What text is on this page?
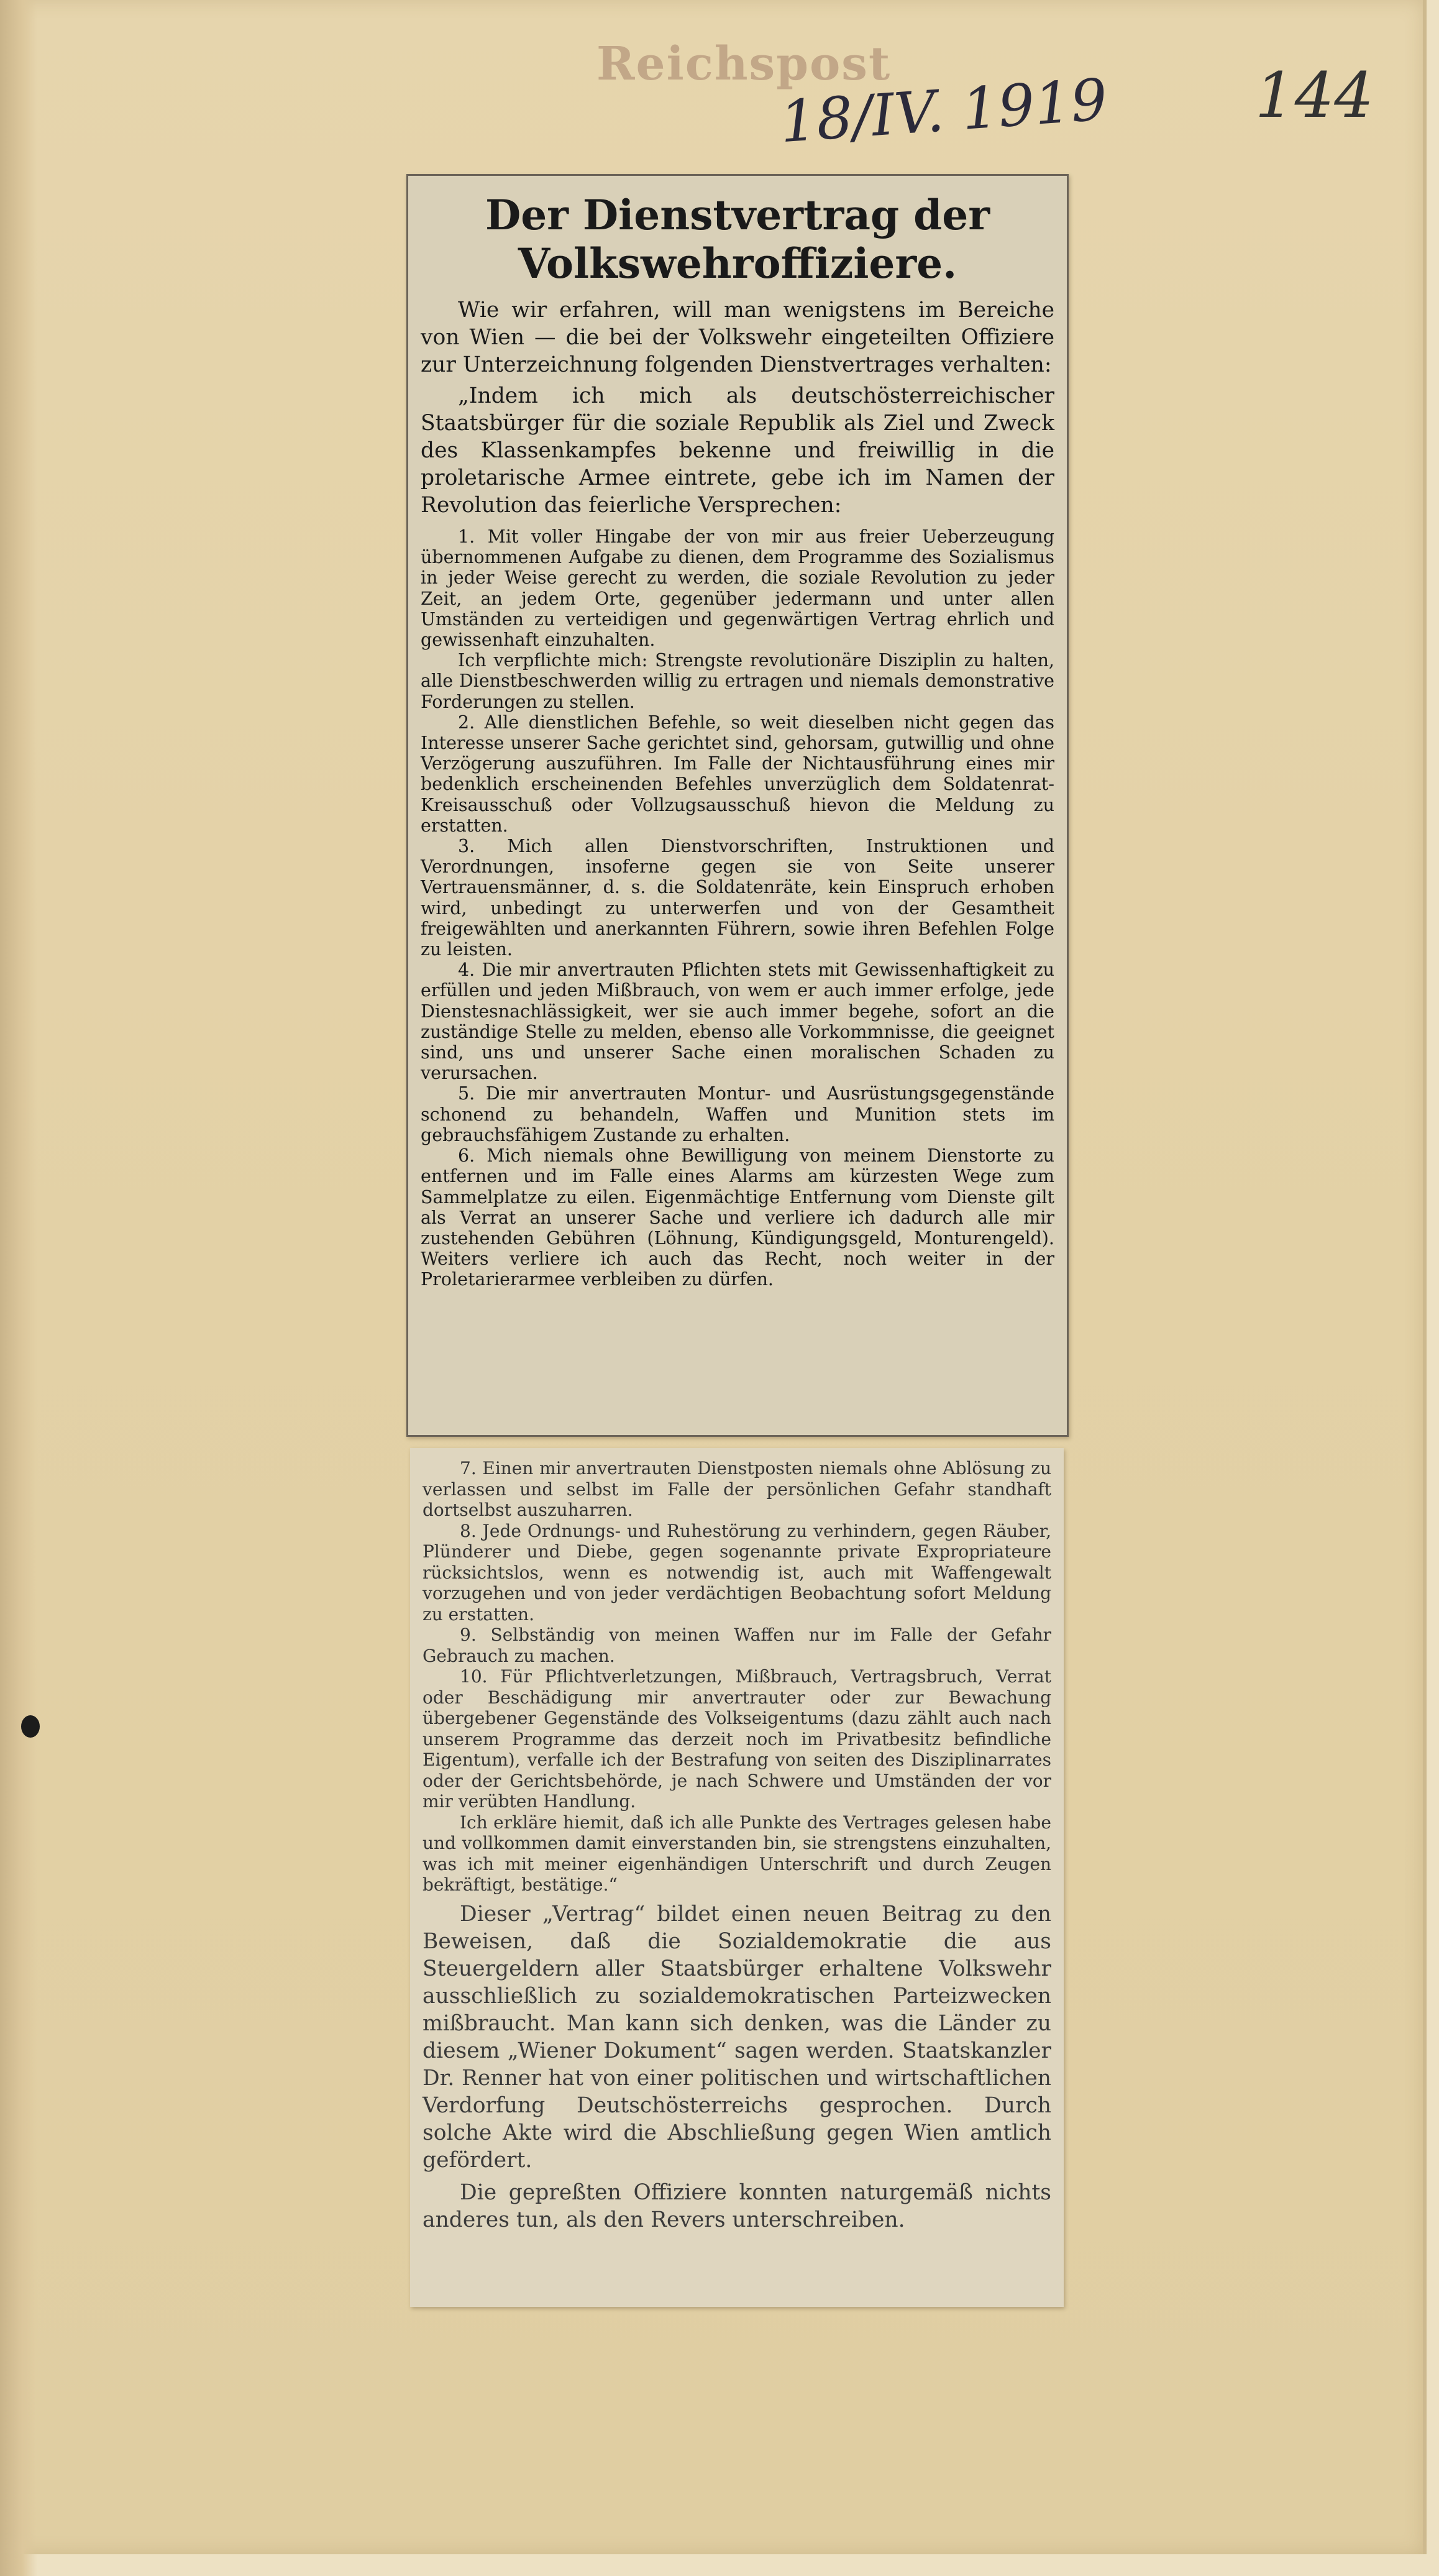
Reichspost
18/IV. 1919 144
Der Dienstvertrag der Volkswehroffiziere.

Wie wir erfahren, will man wenigstens im Bereiche von Wien — die bei der Volkswehr eingeteilten Offiziere zur Unterzeichnung folgenden Dienstvertrages verhalten:

„Indem ich mich als deutschösterreichischer Staatsbürger für die soziale Republik als Ziel und Zweck des Klassenkampfes bekenne und freiwillig in die proletarische Armee eintrete, gebe ich im Namen der Revolution das feierliche Versprechen:

1. Mit voller Hingabe der von mir aus freier Ueberzeugung übernommenen Aufgabe zu dienen, dem Programme des Sozialismus in jeder Weise gerecht zu werden, die soziale Revolution zu jeder Zeit, an jedem Orte, gegenüber jedermann und unter allen Umständen zu verteidigen und gegenwärtigen Vertrag ehrlich und gewissenhaft einzuhalten.

Ich verpflichte mich: Strengste revolutionäre Disziplin zu halten, alle Dienstbeschwerden willig zu ertragen und niemals demonstrative Forderungen zu stellen.

2. Alle dienstlichen Befehle, so weit dieselben nicht gegen das Interesse unserer Sache gerichtet sind, gehorsam, gutwillig und ohne Verzögerung auszuführen. Im Falle der Nichtausführung eines mir bedenklich erscheinenden Befehles unverzüglich dem Soldatenrat-Kreisausschuß oder Vollzugsausschuß hievon die Meldung zu erstatten.

3. Mich allen Dienstvorschriften, Instruktionen und Verordnungen, insoferne gegen sie von Seite unserer Vertrauensmänner, d. s. die Soldatenräte, kein Einspruch erhoben wird, unbedingt zu unterwerfen und von der Gesamtheit freigewählten und anerkannten Führern, sowie ihren Befehlen Folge zu leisten.

4. Die mir anvertrauten Pflichten stets mit Gewissenhaftigkeit zu erfüllen und jeden Mißbrauch, von wem er auch immer erfolge, jede Dienstesnachlässigkeit, wer sie auch immer begehe, sofort an die zuständige Stelle zu melden, ebenso alle Vorkommnisse, die geeignet sind, uns und unserer Sache einen moralischen Schaden zu verursachen.

5. Die mir anvertrauten Montur- und Ausrüstungsgegenstände schonend zu behandeln, Waffen und Munition stets im gebrauchsfähigem Zustande zu erhalten.

6. Mich niemals ohne Bewilligung von meinem Dienstorte zu entfernen und im Falle eines Alarms am kürzesten Wege zum Sammelplatze zu eilen. Eigenmächtige Entfernung vom Dienste gilt als Verrat an unserer Sache und verliere ich dadurch alle mir zustehenden Gebühren (Löhnung, Kündigungsgeld, Monturengeld). Weiters verliere ich auch das Recht, noch weiter in der Proletarierarmee verbleiben zu dürfen.

7. Einen mir anvertrauten Dienstposten niemals ohne Ablösung zu verlassen und selbst im Falle der persönlichen Gefahr standhaft dortselbst auszuharren.

8. Jede Ordnungs- und Ruhestörung zu verhindern, gegen Räuber, Plünderer und Diebe, gegen sogenannte private Expropriateure rücksichtslos, wenn es notwendig ist, auch mit Waffengewalt vorzugehen und von jeder verdächtigen Beobachtung sofort Meldung zu erstatten.

9. Selbständig von meinen Waffen nur im Falle der Gefahr Gebrauch zu machen.

10. Für Pflichtverletzungen, Mißbrauch, Vertragsbruch, Verrat oder Beschädigung mir anvertrauter oder zur Bewachung übergebener Gegenstände des Volkseigentums (dazu zählt auch nach unserem Programme das derzeit noch im Privatbesitz befindliche Eigentum), verfalle ich der Bestrafung von seiten des Disziplinarrates oder der Gerichtsbehörde, je nach Schwere und Umständen der vor mir verübten Handlung.

Ich erkläre hiemit, daß ich alle Punkte des Vertrages gelesen habe und vollkommen damit einverstanden bin, sie strengstens einzuhalten, was ich mit meiner eigenhändigen Unterschrift und durch Zeugen bekräftigt, bestätige.“

Dieser „Vertrag“ bildet einen neuen Beitrag zu den Beweisen, daß die Sozialdemokratie die aus Steuergeldern aller Staatsbürger erhaltene Volkswehr ausschließlich zu sozialdemokratischen Parteizwecken mißbraucht. Man kann sich denken, was die Länder zu diesem „Wiener Dokument“ sagen werden. Staatskanzler Dr. Renner hat von einer politischen und wirtschaftlichen Verdorfung Deutschösterreichs gesprochen. Durch solche Akte wird die Abschließung gegen Wien amtlich gefördert.

Die gepreßten Offiziere konnten naturgemäß nichts anderes tun, als den Revers unterschreiben.
